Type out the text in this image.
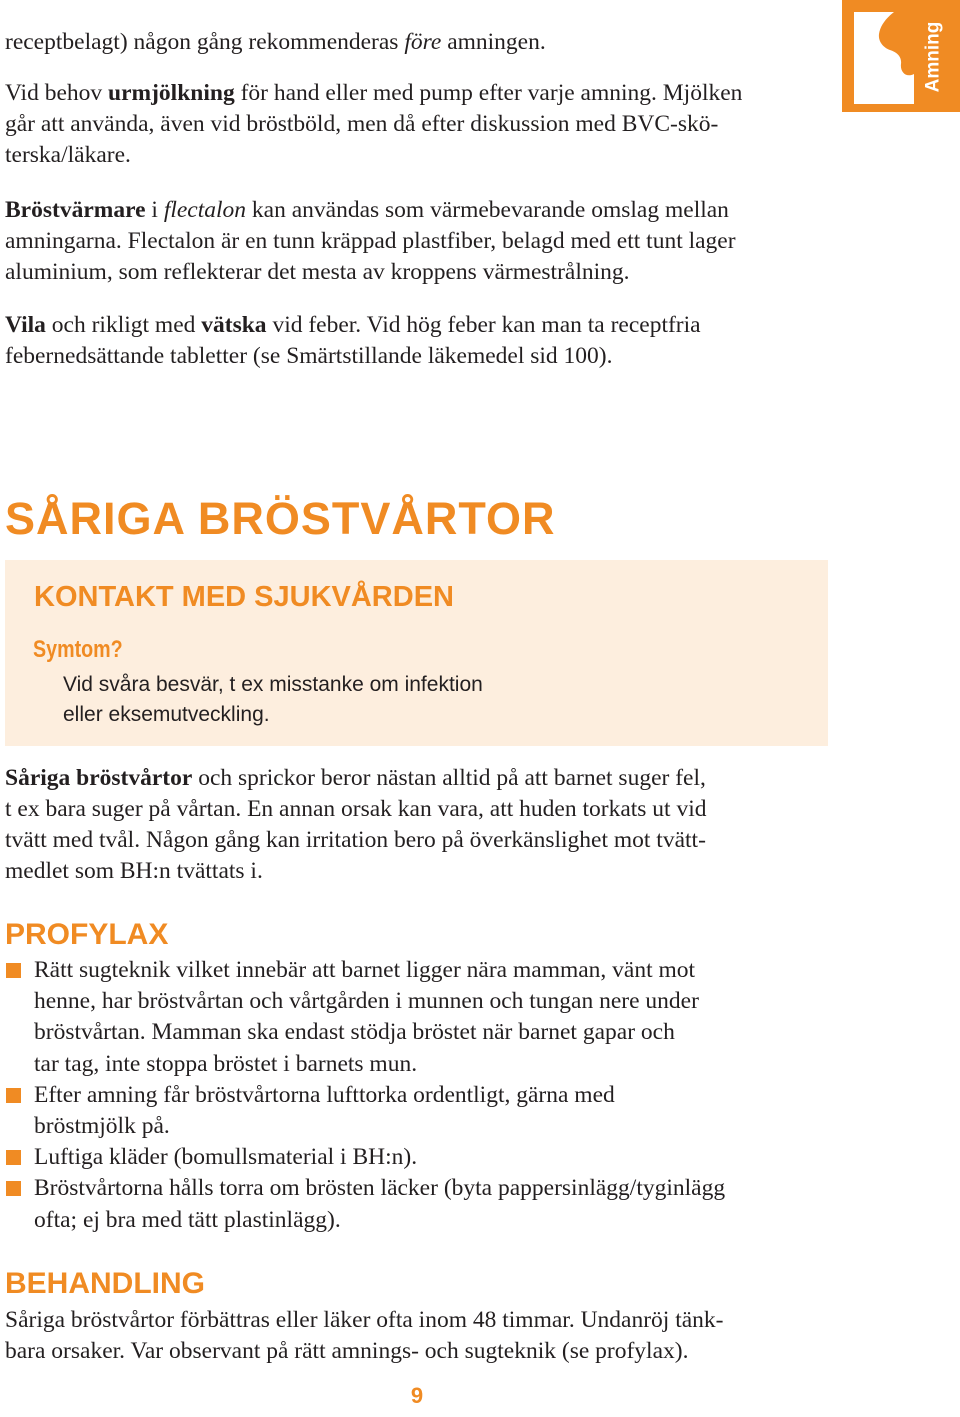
Amning

receptbelagt) någon gång rekommenderas före amningen.

Vid behov urmjölkning för hand eller med pump efter varje amning. Mjölken

går att använda, även vid bröstböld, men då efter diskussion med BVC-skö-

terska/läkare.

Bröstvärmare i flectalon kan användas som värmebevarande omslag mellan

amningarna. Flectalon är en tunn kräppad plastfiber, belagd med ett tunt lager

aluminium, som reflekterar det mesta av kroppens värmestrålning.

Vila och rikligt med vätska vid feber. Vid hög feber kan man ta receptfria

febernedsättande tabletter (se Smärtstillande läkemedel sid 100).

SÅRIGA BRÖSTVÅRTOR
KONTAKT MED SJUKVÅRDEN

Symtom?

Vid svåra besvär, t ex misstanke om infektion
eller eksemutveckling.

Såriga bröstvårtor och sprickor beror nästan alltid på att barnet suger fel,

t ex bara suger på vårtan. En annan orsak kan vara, att huden torkats ut vid

tvätt med tvål. Någon gång kan irritation bero på överkänslighet mot tvätt-

medlet som BH:n tvättats i.

PROFYLAX
Rätt sugteknik vilket innebär att barnet ligger nära mamman, vänt mot
henne, har bröstvårtan och vårtgården i munnen och tungan nere under
bröstvårtan. Mamman ska endast stödja bröstet när barnet gapar och
tar tag, inte stoppa bröstet i barnets mun.
Efter amning får bröstvårtorna lufttorka ordentligt, gärna med
bröstmjölk på.
Luftiga kläder (bomullsmaterial i BH:n).
Bröstvårtorna hålls torra om brösten läcker (byta pappersinlägg/tyginlägg
ofta; ej bra med tätt plastinlägg).
BEHANDLING

Såriga bröstvårtor förbättras eller läker ofta inom 48 timmar. Undanröj tänk-

bara orsaker. Var observant på rätt amnings- och sugteknik (se profylax).

9
